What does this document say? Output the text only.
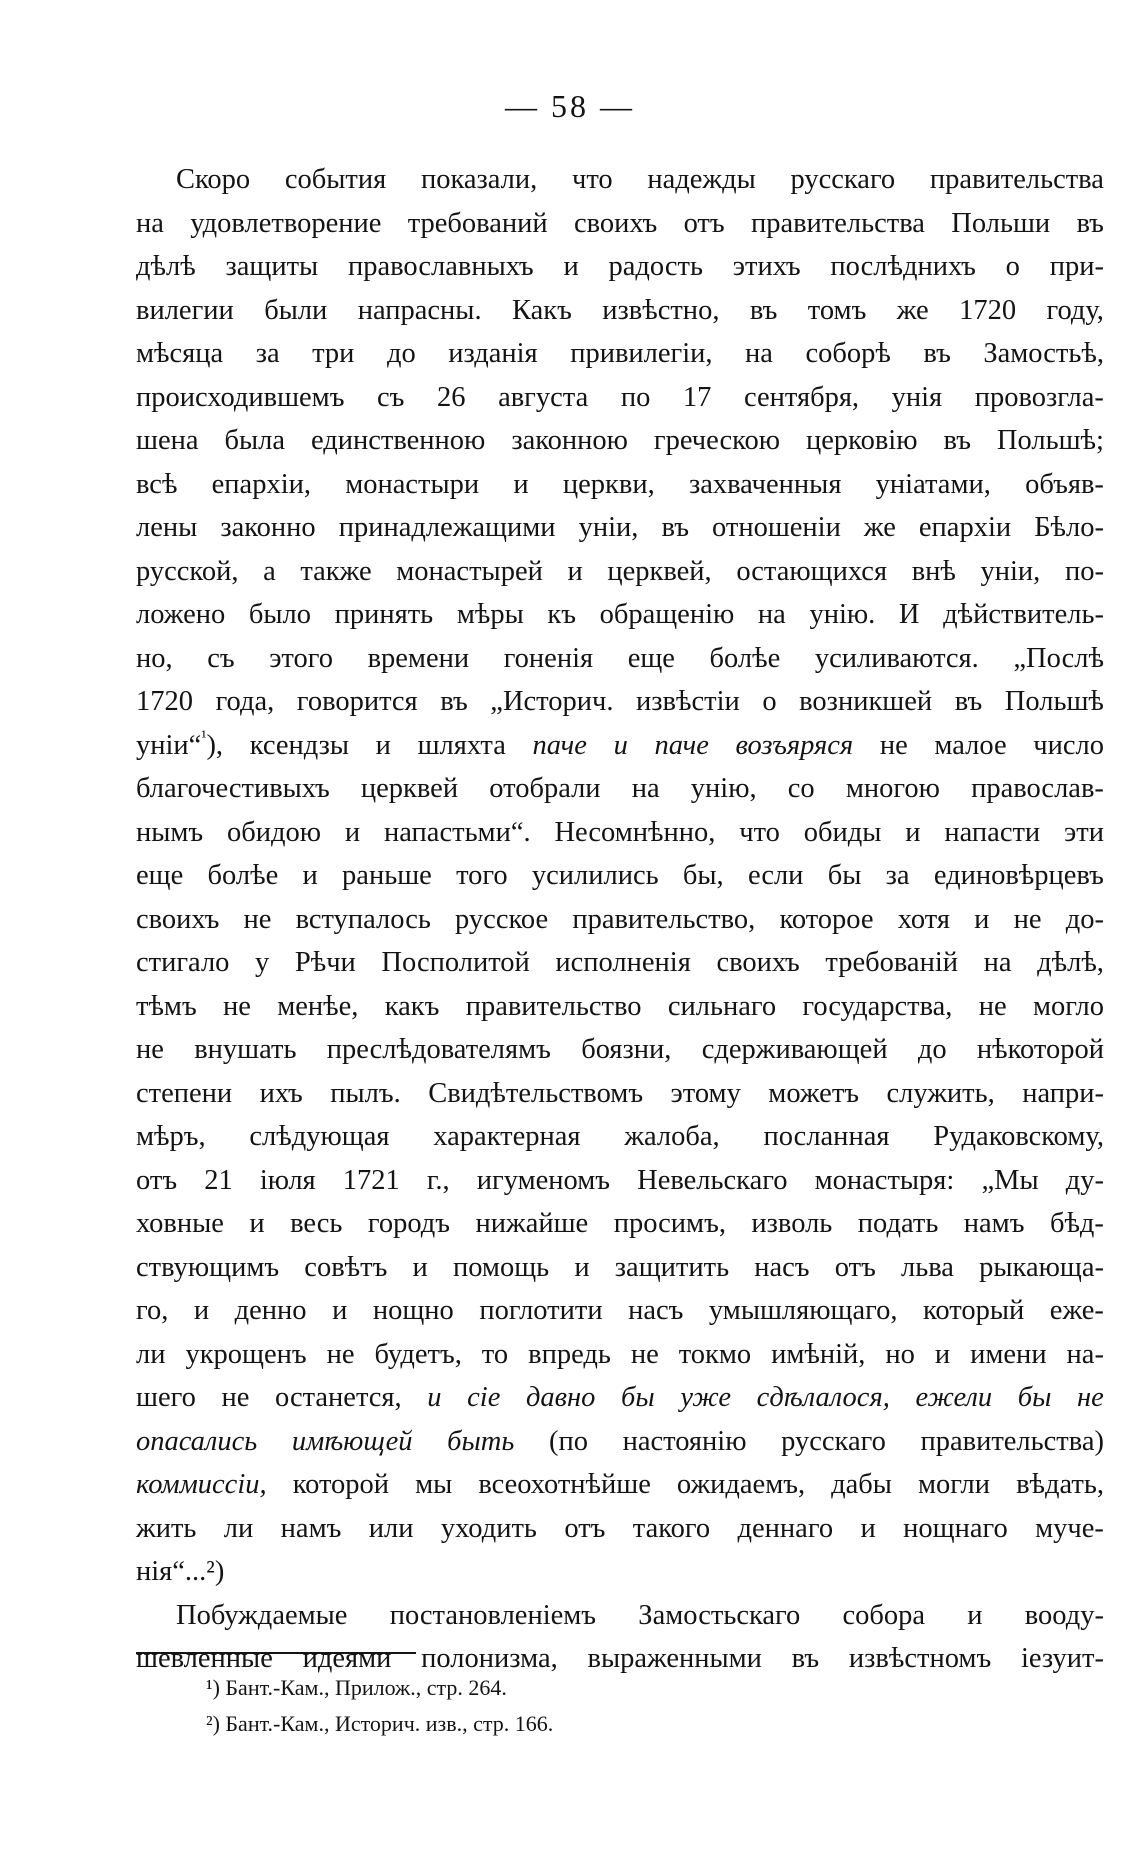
— 58 —
Скоро события показали, что надежды русскаго правительства
на удовлетворение требований своихъ отъ правительства Польши въ
дѣлѣ защиты православныхъ и радость этихъ послѣднихъ о при-
вилегии были напрасны. Какъ извѣстно, въ томъ же 1720 году,
мѣсяца за три до изданія привилегіи, на соборѣ въ Замостьѣ,
происходившемъ съ 26 августа по 17 сентября, унія провозгла-
шена была единственною законною греческою церковію въ Польшѣ;
всѣ епархіи, монастыри и церкви, захваченныя уніатами, объяв-
лены законно принадлежащими уніи, въ отношеніи же епархіи Бѣло-
русской, а также монастырей и церквей, остающихся внѣ уніи, по-
ложено было принять мѣры къ обращенію на унію. И дѣйствитель-
но, съ этого времени гоненія еще болѣе усиливаются. „Послѣ
1720 года, говорится въ „Историч. извѣстіи о возникшей въ Польшѣ
уніи“$^{^1}$), ксендзы и шляхта паче и паче возъяряся не малое число
благочестивыхъ церквей отобрали на унію, со многою православ-
нымъ обидою и напастьми“. Несомнѣнно, что обиды и напасти эти
еще болѣе и раньше того усилились бы, если бы за единовѣрцевъ
своихъ не вступалось русское правительство, которое хотя и не до-
стигало у Рѣчи Посполитой исполненія своихъ требованій на дѣлѣ,
тѣмъ не менѣе, какъ правительство сильнаго государства, не могло
не внушать преслѣдователямъ боязни, сдерживающей до нѣкоторой
степени ихъ пылъ. Свидѣтельствомъ этому можетъ служить, напри-
мѣръ, слѣдующая характерная жалоба, посланная Рудаковскому,
отъ 21 іюля 1721 г., игуменомъ Невельскаго монастыря: „Мы ду-
ховные и весь городъ нижайше просимъ, изволь подать намъ бѣд-
ствующимъ совѣтъ и помощь и защитить насъ отъ льва рыкающа-
го, и денно и нощно поглотити насъ умышляющаго, который еже-
ли укрощенъ не будетъ, то впредь не токмо имѣній, но и имени на-
шего не останется, и сіе давно бы уже сдѣлалося, ежели бы не
опасались имѣющей быть (по настоянію русскаго правительства)
коммиссіи, которой мы всеохотнѣйше ожидаемъ, дабы могли вѣдать,
жить ли намъ или уходить отъ такого деннаго и нощнаго муче-
нія“...²)
Побуждаемые постановленіемъ Замостьскаго собора и вооду-
шевленные идеями полонизма, выраженными въ извѣстномъ іезуит-
¹) Бант.-Кам., Прилож., стр. 264.
²) Бант.-Кам., Историч. изв., стр. 166.
